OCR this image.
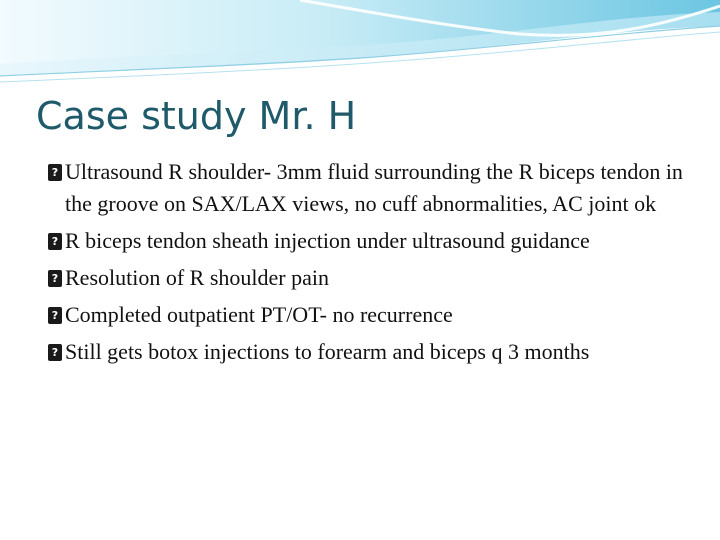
Case study Mr. H
? Ultrasound R shoulder- 3mm fluid surrounding the R biceps tendon in the groove on SAX/LAX views, no cuff abnormalities, AC joint ok
? R biceps tendon sheath injection under ultrasound guidance
? Resolution of R shoulder pain
? Completed outpatient PT/OT- no recurrence
? Still gets botox injections to forearm and biceps q 3 months
